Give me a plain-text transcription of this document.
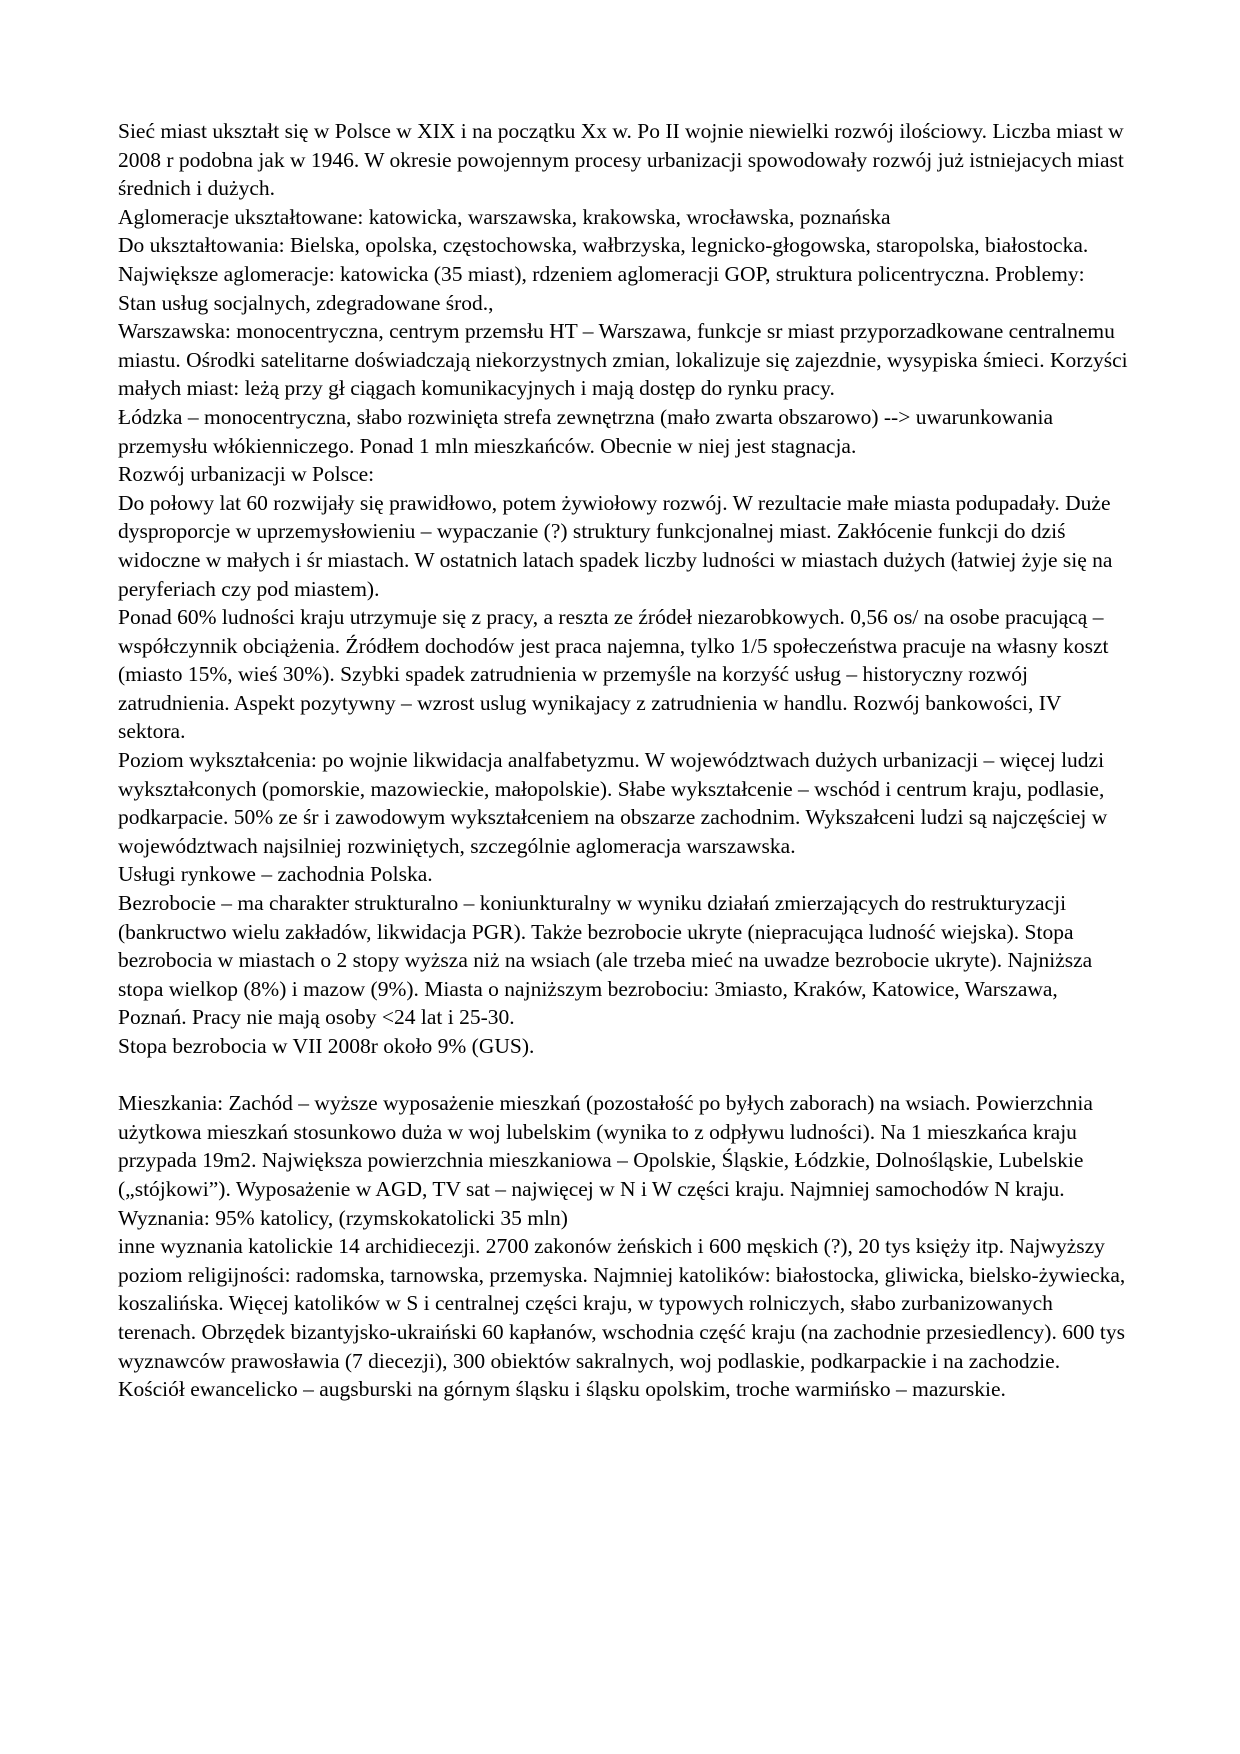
Sieć miast ukształt się w Polsce w XIX i na początku Xx w. Po II wojnie niewielki rozwój ilościowy. Liczba miast w 2008 r podobna jak w 1946. W okresie powojennym procesy urbanizacji spowodowały rozwój już istniejacych miast średnich i dużych.

Aglomeracje ukształtowane: katowicka, warszawska, krakowska, wrocławska, poznańska

Do ukształtowania: Bielska, opolska, częstochowska, wałbrzyska, legnicko-głogowska, staropolska, białostocka.

Największe aglomeracje: katowicka (35 miast), rdzeniem aglomeracji GOP, struktura policentryczna. Problemy: Stan usług socjalnych, zdegradowane środ.,

Warszawska: monocentryczna, centrym przemsłu HT – Warszawa, funkcje sr miast przyporzadkowane centralnemu miastu. Ośrodki satelitarne doświadczają niekorzystnych zmian, lokalizuje się zajezdnie, wysypiska śmieci. Korzyści małych miast: leżą przy gł ciągach komunikacyjnych i mają dostęp do rynku pracy.

Łódzka – monocentryczna, słabo rozwinięta strefa zewnętrzna (mało zwarta obszarowo) --> uwarunkowania przemysłu włókienniczego. Ponad 1 mln mieszkańców. Obecnie w niej jest stagnacja.

Rozwój urbanizacji w Polsce:

Do połowy lat 60 rozwijały się prawidłowo, potem żywiołowy rozwój. W rezultacie małe miasta podupadały. Duże dysproporcje w uprzemysłowieniu – wypaczanie (?) struktury funkcjonalnej miast. Zakłócenie funkcji do dziś widoczne w małych i śr miastach. W ostatnich latach spadek liczby ludności w miastach dużych (łatwiej żyje się na peryferiach czy pod miastem).

Ponad 60% ludności kraju utrzymuje się z pracy, a reszta ze źródeł niezarobkowych. 0,56 os/ na osobe pracującą – współczynnik obciążenia. Źródłem dochodów jest praca najemna, tylko 1/5 społeczeństwa pracuje na własny koszt (miasto 15%, wieś 30%). Szybki spadek zatrudnienia w przemyśle na korzyść usług – historyczny rozwój zatrudnienia. Aspekt pozytywny – wzrost uslug wynikajacy z zatrudnienia w handlu. Rozwój bankowości, IV sektora.

Poziom wykształcenia: po wojnie likwidacja analfabetyzmu. W województwach dużych urbanizacji – więcej ludzi wykształconych (pomorskie, mazowieckie, małopolskie). Słabe wykształcenie – wschód i centrum kraju, podlasie, podkarpacie. 50% ze śr i zawodowym wykształceniem na obszarze zachodnim. Wykszałceni ludzi są najczęściej w województwach najsilniej rozwiniętych, szczególnie aglomeracja warszawska.

Usługi rynkowe – zachodnia Polska.

Bezrobocie – ma charakter strukturalno – koniunkturalny w wyniku działań zmierzających do restrukturyzacji (bankructwo wielu zakładów, likwidacja PGR). Także bezrobocie ukryte (niepracująca ludność wiejska). Stopa bezrobocia w miastach o 2 stopy wyższa niż na wsiach (ale trzeba mieć na uwadze bezrobocie ukryte). Najniższa stopa wielkop (8%) i mazow (9%). Miasta o najniższym bezrobociu: 3miasto, Kraków, Katowice, Warszawa, Poznań. Pracy nie mają osoby <24 lat i 25-30.

Stopa bezrobocia w VII 2008r około 9% (GUS).

Mieszkania: Zachód – wyższe wyposażenie mieszkań (pozostałość po byłych zaborach) na wsiach. Powierzchnia użytkowa mieszkań stosunkowo duża w woj lubelskim (wynika to z odpływu ludności). Na 1 mieszkańca kraju przypada 19m2. Największa powierzchnia mieszkaniowa – Opolskie, Śląskie, Łódzkie, Dolnośląskie, Lubelskie („stójkowi”). Wyposażenie w AGD, TV sat – najwięcej w N i W części kraju. Najmniej samochodów N kraju.

Wyznania: 95% katolicy, (rzymskokatolicki 35 mln)

inne wyznania katolickie 14 archidiecezji. 2700 zakonów żeńskich i 600 męskich (?), 20 tys księży itp. Najwyższy poziom religijności: radomska, tarnowska, przemyska. Najmniej katolików: białostocka, gliwicka, bielsko-żywiecka, koszalińska. Więcej katolików w S i centralnej części kraju, w typowych rolniczych, słabo zurbanizowanych terenach. Obrzędek bizantyjsko-ukraiński 60 kapłanów, wschodnia część kraju (na zachodnie przesiedlency). 600 tys wyznawców prawosławia (7 diecezji), 300 obiektów sakralnych, woj podlaskie, podkarpackie i na zachodzie. Kościół ewancelicko – augsburski na górnym śląsku i śląsku opolskim, troche warmińsko – mazurskie.
